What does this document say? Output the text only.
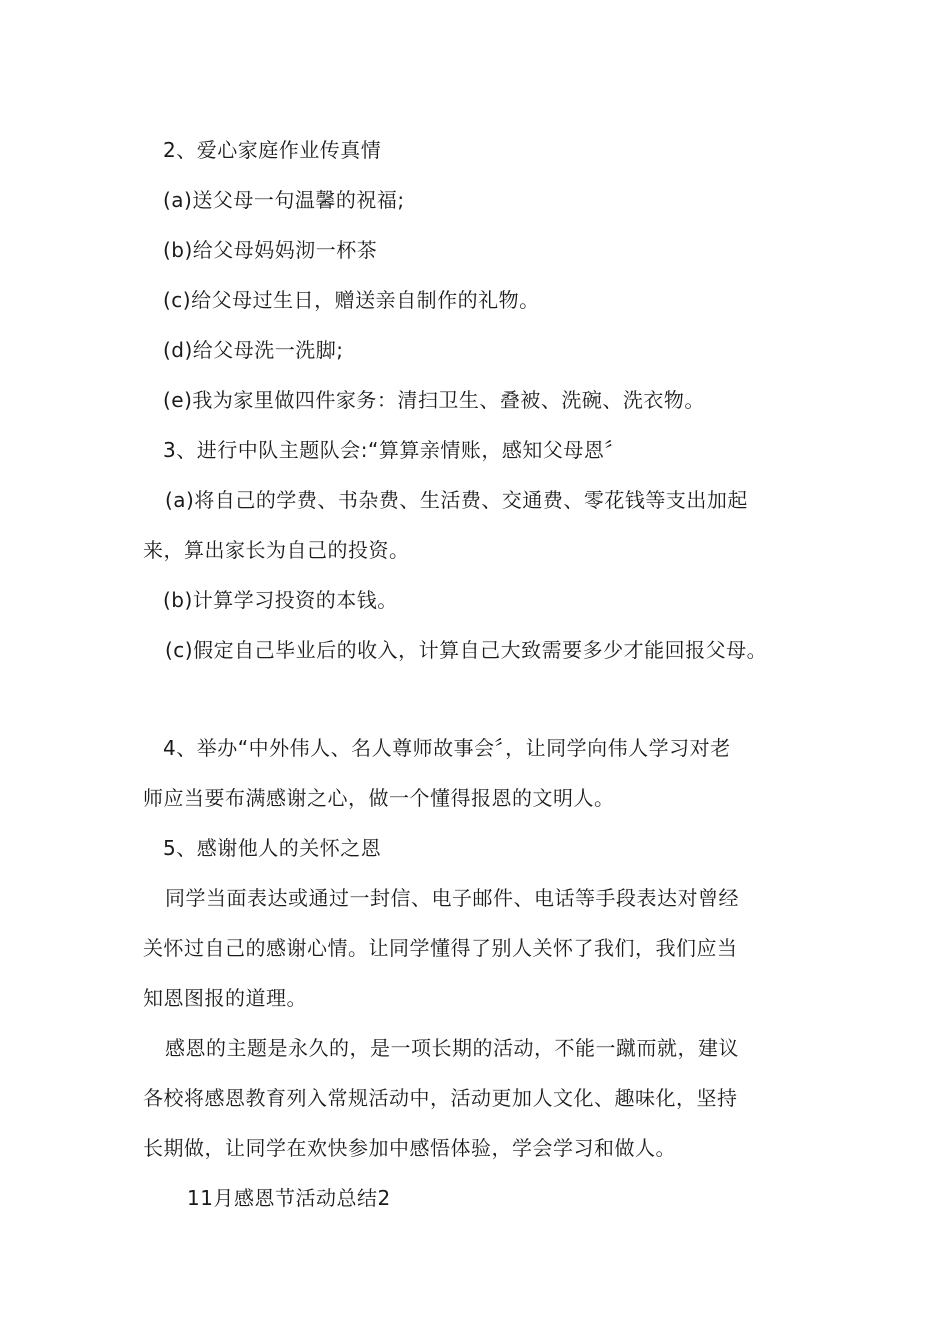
2、爱心家庭作业传真情
(a)送父母一句温馨的祝福;
(b)给父母妈妈沏一杯茶
(c)给父母过生日，赠送亲自制作的礼物。
(d)给父母洗一洗脚;
(e)我为家里做四件家务：清扫卫生、叠被、洗碗、洗衣物。
3、进行中队主题队会:“算算亲情账，感知父母恩〞
(a)将自己的学费、书杂费、生活费、交通费、零花钱等支出加起
来，算出家长为自己的投资。
(b)计算学习投资的本钱。
(c)假定自己毕业后的收入，计算自己大致需要多少才能回报父母。
4、举办“中外伟人、名人尊师故事会〞，让同学向伟人学习对老
师应当要布满感谢之心，做一个懂得报恩的文明人。
5、感谢他人的关怀之恩
同学当面表达或通过一封信、电子邮件、电话等手段表达对曾经
关怀过自己的感谢心情。让同学懂得了别人关怀了我们，我们应当
知恩图报的道理。
感恩的主题是永久的，是一项长期的活动，不能一蹴而就，建议
各校将感恩教育列入常规活动中，活动更加人文化、趣味化，坚持
长期做，让同学在欢快参加中感悟体验，学会学习和做人。
11月感恩节活动总结2
